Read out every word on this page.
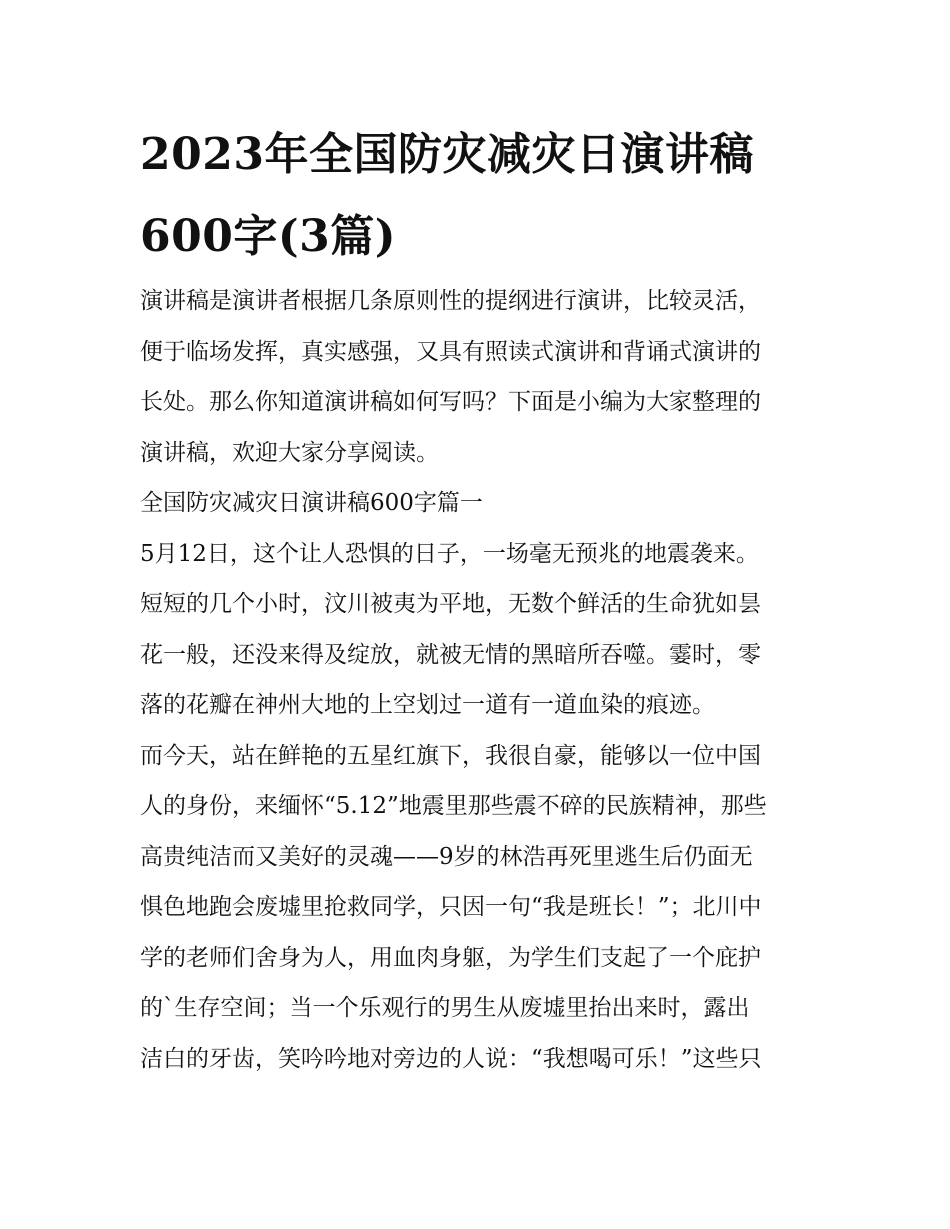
2023年全国防灾减灾日演讲稿
600字(3篇)
演讲稿是演讲者根据几条原则性的提纲进行演讲，比较灵活，
便于临场发挥，真实感强，又具有照读式演讲和背诵式演讲的
长处。那么你知道演讲稿如何写吗？下面是小编为大家整理的
演讲稿，欢迎大家分享阅读。
全国防灾减灾日演讲稿600字篇一
5月12日，这个让人恐惧的日子，一场毫无预兆的地震袭来。
短短的几个小时，汶川被夷为平地，无数个鲜活的生命犹如昙
花一般，还没来得及绽放，就被无情的黑暗所吞噬。霎时，零
落的花瓣在神州大地的上空划过一道有一道血染的痕迹。
而今天，站在鲜艳的五星红旗下，我很自豪，能够以一位中国
人的身份，来缅怀“5.12”地震里那些震不碎的民族精神，那些
高贵纯洁而又美好的灵魂——9岁的林浩再死里逃生后仍面无
惧色地跑会废墟里抢救同学，只因一句“我是班长！”；北川中
学的老师们舍身为人，用血肉身躯，为学生们支起了一个庇护
的`生存空间；当一个乐观行的男生从废墟里抬出来时，露出
洁白的牙齿，笑吟吟地对旁边的人说：“我想喝可乐！”这些只
